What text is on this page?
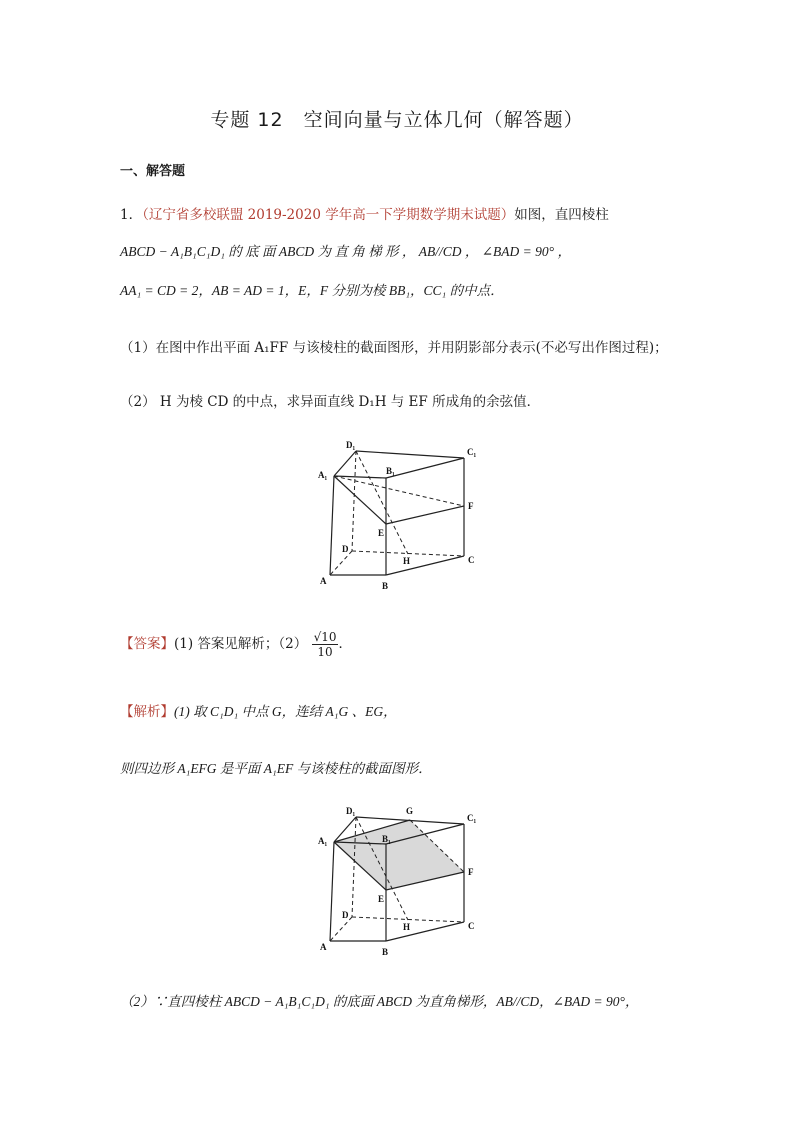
专题 12　空间向量与立体几何（解答题）
一、解答题
1．（辽宁省多校联盟 2019-2020 学年高一下学期数学期末试题）如图，直四棱柱
ABCD − A₁B₁C₁D₁ 的 底 面 ABCD 为 直 角 梯 形 ， AB//CD ， ∠BAD = 90° ，
AA₁ = CD = 2，AB = AD = 1，E，F 分别为棱 BB₁，CC₁ 的中点．
（1）在图中作出平面 A₁FF 与该棱柱的截面图形，并用阴影部分表示(不必写出作图过程)；
（2） H 为棱 CD 的中点，求异面直线 D₁H 与 EF 所成角的余弦值．
D₁
C₁
A₁	B₁
F
E
D
H	C
A	B
【答案】(1) 答案见解析；$(2) \frac{√10}{10}$ ．
【解析】(1) 取 C₁D₁ 中点 G，连结 A₁G 、EG，
则四边形 A₁EFG 是平面 A₁EF 与该棱柱的截面图形．
D₁	G
C₁
A₁	B₁
F
E
D
H	C
A	B
（2）∵直四棱柱 ABCD − A₁B₁C₁D₁ 的底面 ABCD 为直角梯形，AB//CD，∠BAD = 90°，
